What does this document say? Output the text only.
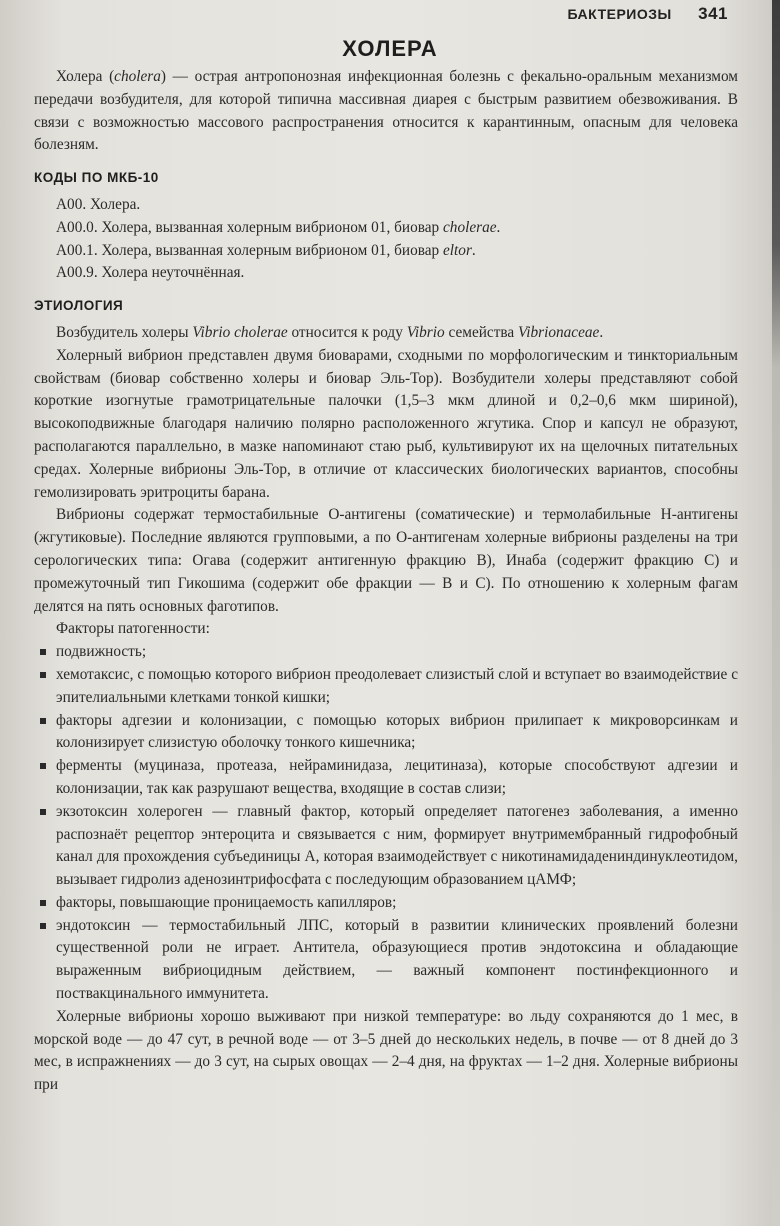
БАКТЕРИОЗЫ 341
ХОЛЕРА

Холера (cholera) — острая антропонозная инфекционная болезнь с фекально-оральным механизмом передачи возбудителя, для которой типична массивная диарея с быстрым развитием обезвоживания. В связи с возможностью массового распространения относится к карантинным, опасным для человека болезням.

КОДЫ ПО МКБ-10
A00. Холера.
A00.0. Холера, вызванная холерным вибрионом 01, биовар cholerae.
A00.1. Холера, вызванная холерным вибрионом 01, биовар eltor.
A00.9. Холера неуточнённая.
ЭТИОЛОГИЯ

Возбудитель холеры Vibrio cholerae относится к роду Vibrio семейства Vibrionaceae.

Холерный вибрион представлен двумя биоварами, сходными по морфологическим и тинкториальным свойствам (биовар собственно холеры и биовар Эль-Тор). Возбудители холеры представляют собой короткие изогнутые грамотрицательные палочки (1,5–3 мкм длиной и 0,2–0,6 мкм шириной), высокоподвижные благодаря наличию полярно расположенного жгутика. Спор и капсул не образуют, располагаются параллельно, в мазке напоминают стаю рыб, культивируют их на щелочных питательных средах. Холерные вибрионы Эль-Тор, в отличие от классических биологических вариантов, способны гемолизировать эритроциты барана.

Вибрионы содержат термостабильные О-антигены (соматические) и термолабильные Н-антигены (жгутиковые). Последние являются групповыми, а по О-антигенам холерные вибрионы разделены на три серологических типа: Огава (содержит антигенную фракцию В), Инаба (содержит фракцию С) и промежуточный тип Гикошима (содержит обе фракции — В и С). По отношению к холерным фагам делятся на пять основных фаготипов.

Факторы патогенности:

подвижность;
хемотаксис, с помощью которого вибрион преодолевает слизистый слой и вступает во взаимодействие с эпителиальными клетками тонкой кишки;
факторы адгезии и колонизации, с помощью которых вибрион прилипает к микроворсинкам и колонизирует слизистую оболочку тонкого кишечника;
ферменты (муциназа, протеаза, нейраминидаза, лецитиназа), которые способствуют адгезии и колонизации, так как разрушают вещества, входящие в состав слизи;
экзотоксин холероген — главный фактор, который определяет патогенез заболевания, а именно распознаёт рецептор энтероцита и связывается с ним, формирует внутримембранный гидрофобный канал для прохождения субъединицы А, которая взаимодействует с никотинамидадениндинуклеотидом, вызывает гидролиз аденозинтрифосфата с последующим образованием цАМФ;
факторы, повышающие проницаемость капилляров;
эндотоксин — термостабильный ЛПС, который в развитии клинических проявлений болезни существенной роли не играет. Антитела, образующиеся против эндотоксина и обладающие выраженным вибриоцидным действием, — важный компонент постинфекционного и поствакцинального иммунитета.

Холерные вибрионы хорошо выживают при низкой температуре: во льду сохраняются до 1 мес, в морской воде — до 47 сут, в речной воде — от 3–5 дней до нескольких недель, в почве — от 8 дней до 3 мес, в испражнениях — до 3 сут, на сырых овощах — 2–4 дня, на фруктах — 1–2 дня. Холерные вибрионы при
